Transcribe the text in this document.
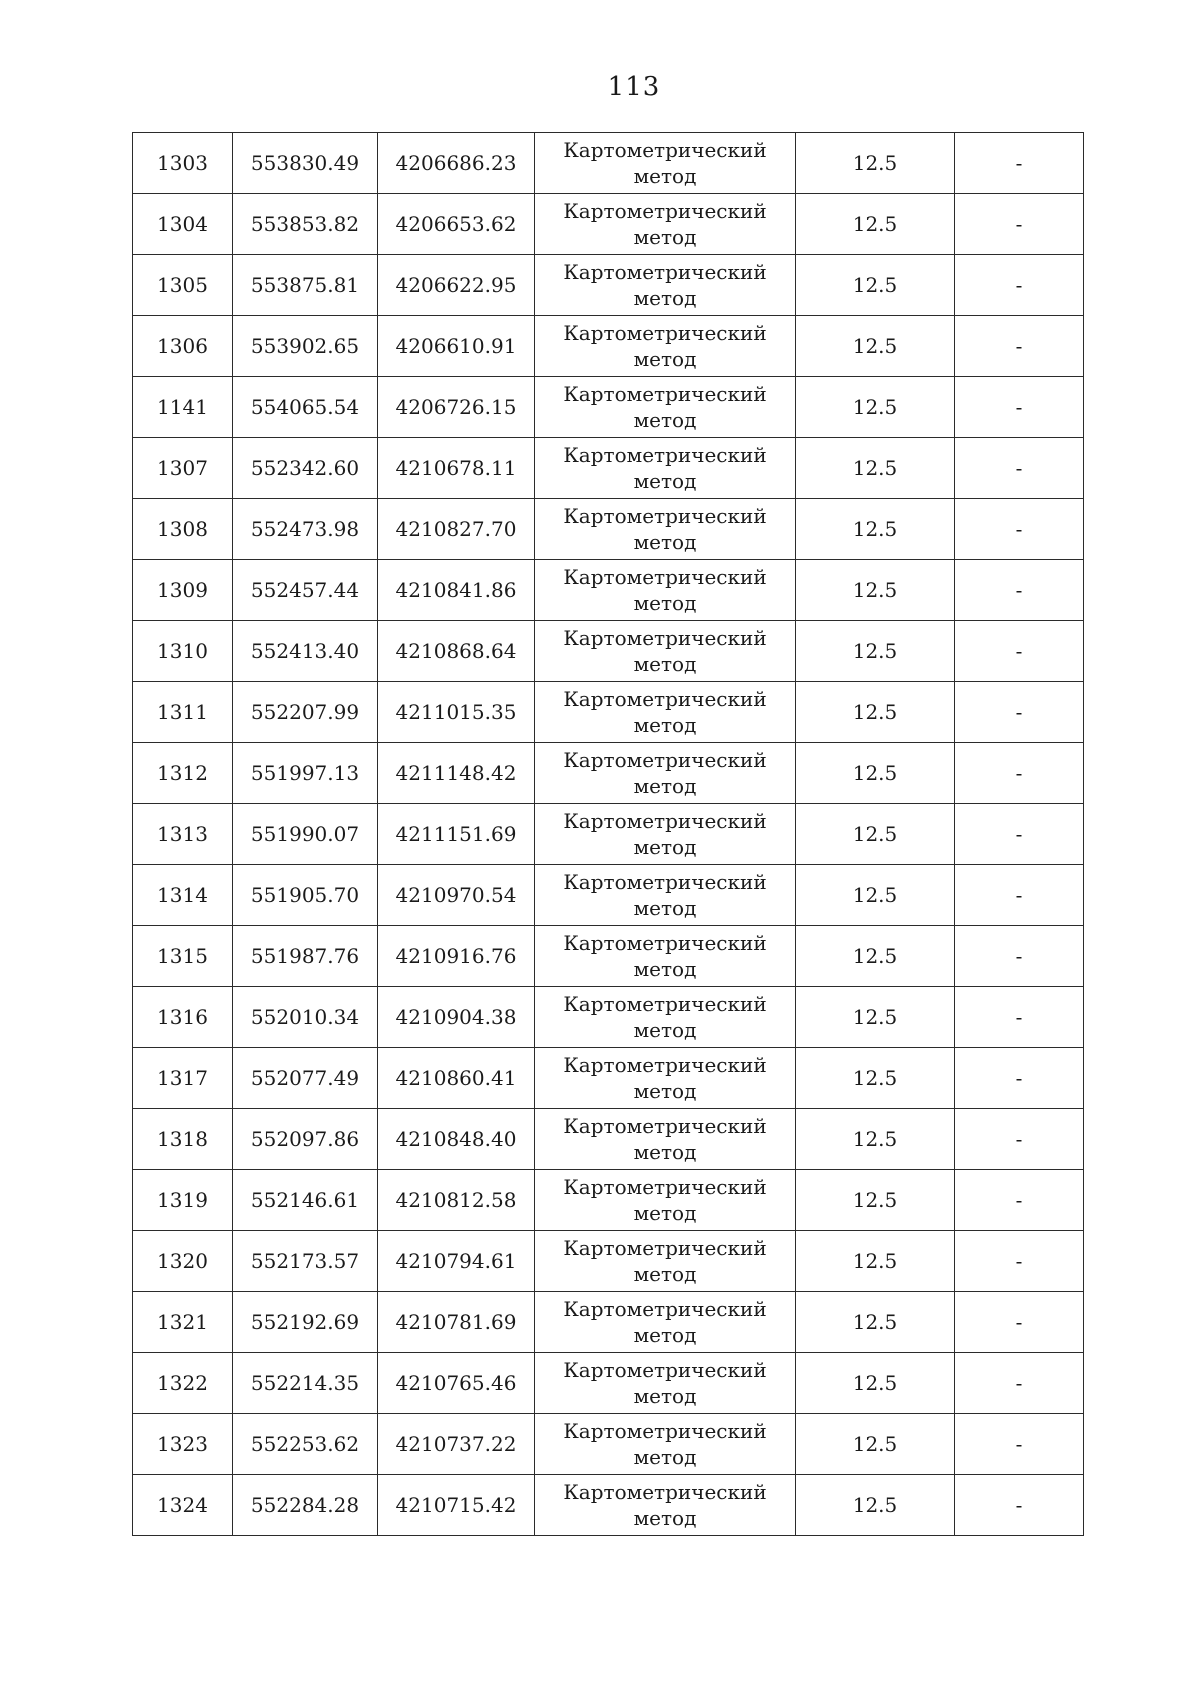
113
1303	553830.49	4206686.23	Картометрический метод	12.5	-
1304	553853.82	4206653.62	Картометрический метод	12.5	-
1305	553875.81	4206622.95	Картометрический метод	12.5	-
1306	553902.65	4206610.91	Картометрический метод	12.5	-
1141	554065.54	4206726.15	Картометрический метод	12.5	-
1307	552342.60	4210678.11	Картометрический метод	12.5	-
1308	552473.98	4210827.70	Картометрический метод	12.5	-
1309	552457.44	4210841.86	Картометрический метод	12.5	-
1310	552413.40	4210868.64	Картометрический метод	12.5	-
1311	552207.99	4211015.35	Картометрический метод	12.5	-
1312	551997.13	4211148.42	Картометрический метод	12.5	-
1313	551990.07	4211151.69	Картометрический метод	12.5	-
1314	551905.70	4210970.54	Картометрический метод	12.5	-
1315	551987.76	4210916.76	Картометрический метод	12.5	-
1316	552010.34	4210904.38	Картометрический метод	12.5	-
1317	552077.49	4210860.41	Картометрический метод	12.5	-
1318	552097.86	4210848.40	Картометрический метод	12.5	-
1319	552146.61	4210812.58	Картометрический метод	12.5	-
1320	552173.57	4210794.61	Картометрический метод	12.5	-
1321	552192.69	4210781.69	Картометрический метод	12.5	-
1322	552214.35	4210765.46	Картометрический метод	12.5	-
1323	552253.62	4210737.22	Картометрический метод	12.5	-
1324	552284.28	4210715.42	Картометрический метод	12.5	-
